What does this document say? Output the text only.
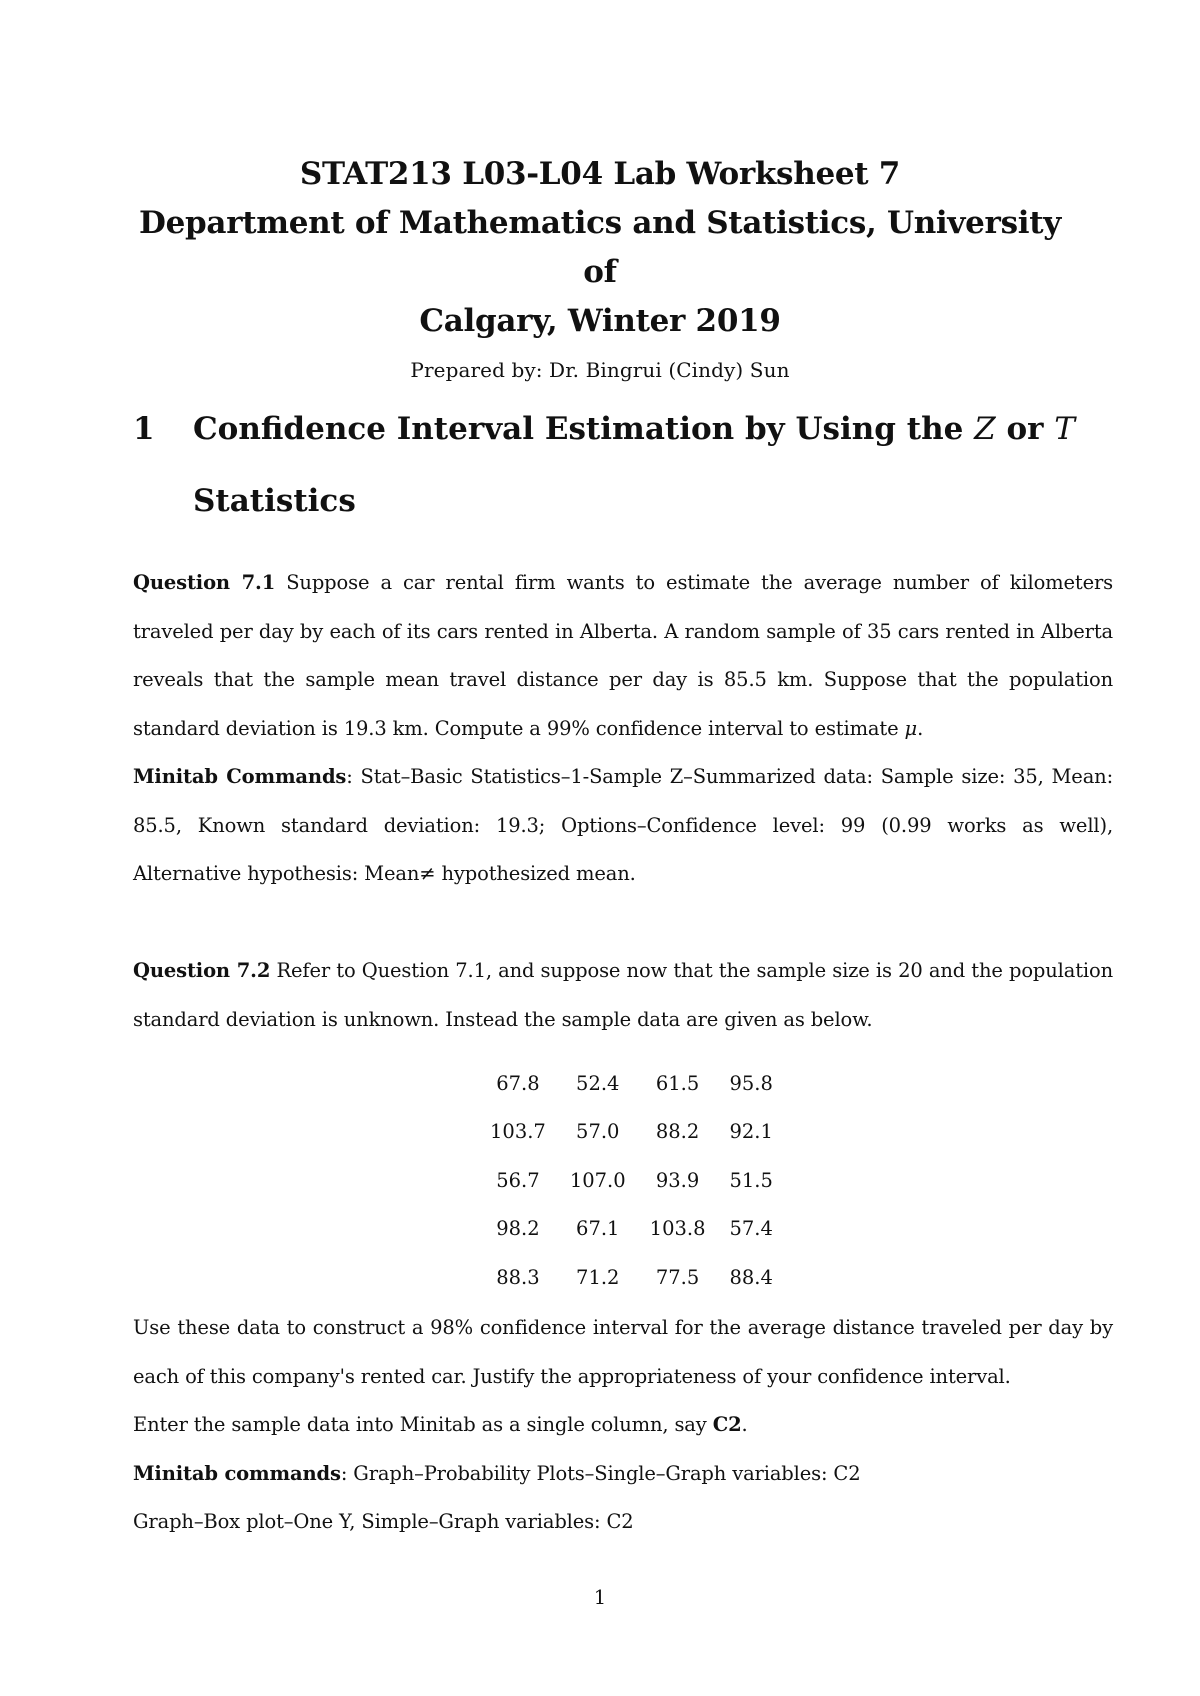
STAT213 L03-L04 Lab Worksheet 7
Department of Mathematics and Statistics, University of
Calgary, Winter 2019
Prepared by: Dr. Bingrui (Cindy) Sun
1 Confidence Interval Estimation by Using the Z or T
Statistics
Question 7.1 Suppose a car rental firm wants to estimate the average number of kilometers traveled per day by each of its cars rented in Alberta. A random sample of 35 cars rented in Alberta reveals that the sample mean travel distance per day is 85.5 km. Suppose that the population standard deviation is 19.3 km. Compute a 99% confidence interval to estimate μ.
Minitab Commands: Stat–Basic Statistics–1-Sample Z–Summarized data: Sample size: 35, Mean: 85.5, Known standard deviation: 19.3; Options–Confidence level: 99 (0.99 works as well), Alternative hypothesis: Mean≠ hypothesized mean.
Question 7.2 Refer to Question 7.1, and suppose now that the sample size is 20 and the population standard deviation is unknown. Instead the sample data are given as below.
67.8	52.4	61.5	95.8
103.7	57.0	88.2	92.1
56.7	107.0	93.9	51.5
98.2	67.1	103.8	57.4
88.3	71.2	77.5	88.4
Use these data to construct a 98% confidence interval for the average distance traveled per day by each of this company's rented car. Justify the appropriateness of your confidence interval.
Enter the sample data into Minitab as a single column, say C2.
Minitab commands: Graph–Probability Plots–Single–Graph variables: C2
Graph–Box plot–One Y, Simple–Graph variables: C2
1
